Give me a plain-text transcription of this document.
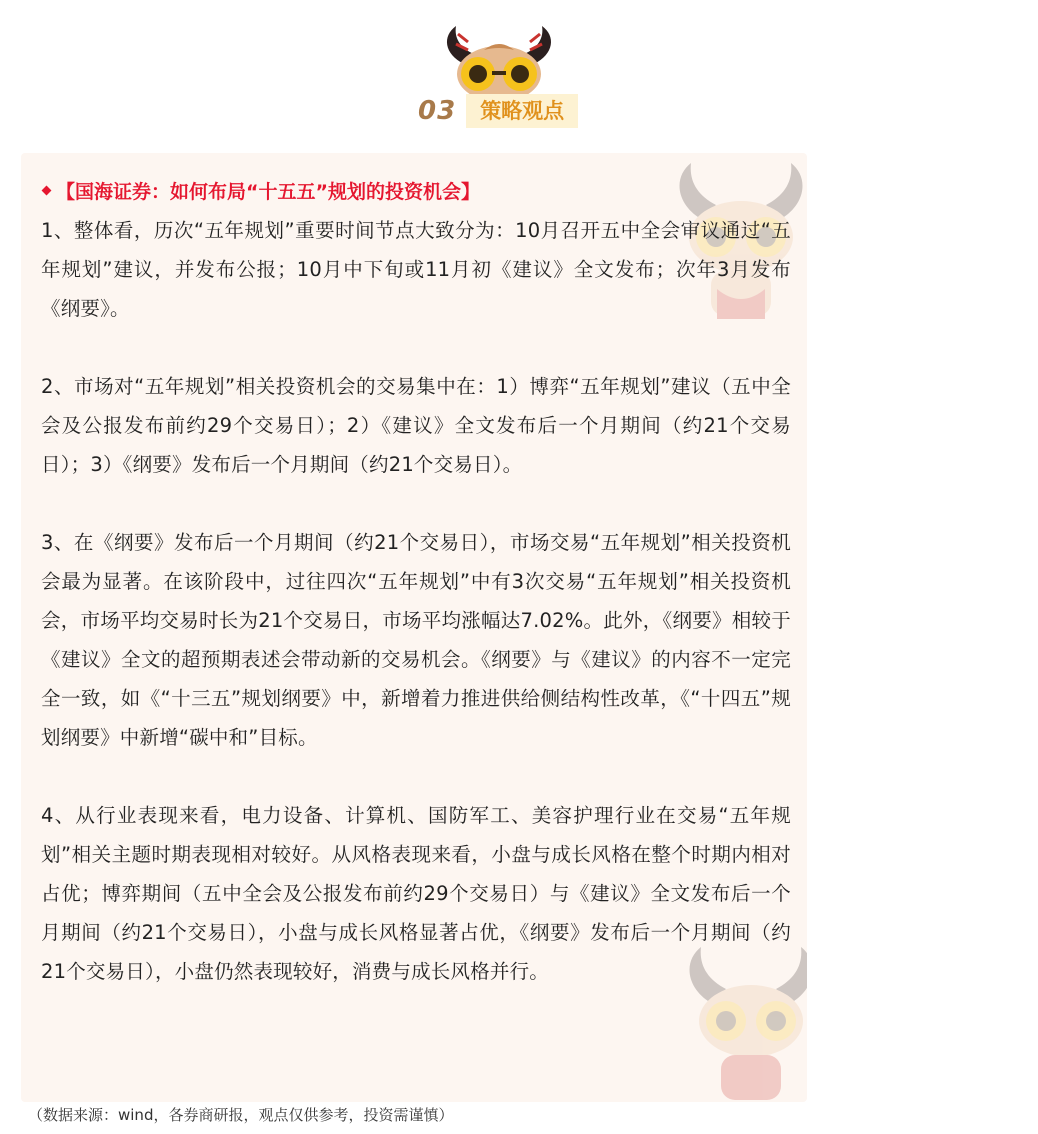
03	策略观点
【国海证券：如何布局“十五五”规划的投资机会】

1、整体看，历次“五年规划”重要时间节点大致分为：10月召开五中全会审议通过“五年规划”建议，并发布公报；10月中下旬或11月初《建议》全文发布；次年3月发布《纲要》。

2、市场对“五年规划”相关投资机会的交易集中在：1）博弈“五年规划”建议（五中全会及公报发布前约29个交易日）；2）《建议》全文发布后一个月期间（约21个交易日）；3）《纲要》发布后一个月期间（约21个交易日）。

3、在《纲要》发布后一个月期间（约21个交易日），市场交易“五年规划”相关投资机会最为显著。在该阶段中，过往四次“五年规划”中有3次交易“五年规划”相关投资机会，市场平均交易时长为21个交易日，市场平均涨幅达7.02%。此外，《纲要》相较于《建议》全文的超预期表述会带动新的交易机会。《纲要》与《建议》的内容不一定完全一致，如《“十三五”规划纲要》中，新增着力推进供给侧结构性改革，《“十四五”规划纲要》中新增“碳中和”目标。

4、从行业表现来看，电力设备、计算机、国防军工、美容护理行业在交易“五年规划”相关主题时期表现相对较好。从风格表现来看，小盘与成长风格在整个时期内相对占优；博弈期间（五中全会及公报发布前约29个交易日）与《建议》全文发布后一个月期间（约21个交易日），小盘与成长风格显著占优，《纲要》发布后一个月期间（约21个交易日），小盘仍然表现较好，消费与成长风格并行。

（数据来源：wind，各券商研报，观点仅供参考，投资需谨慎）
